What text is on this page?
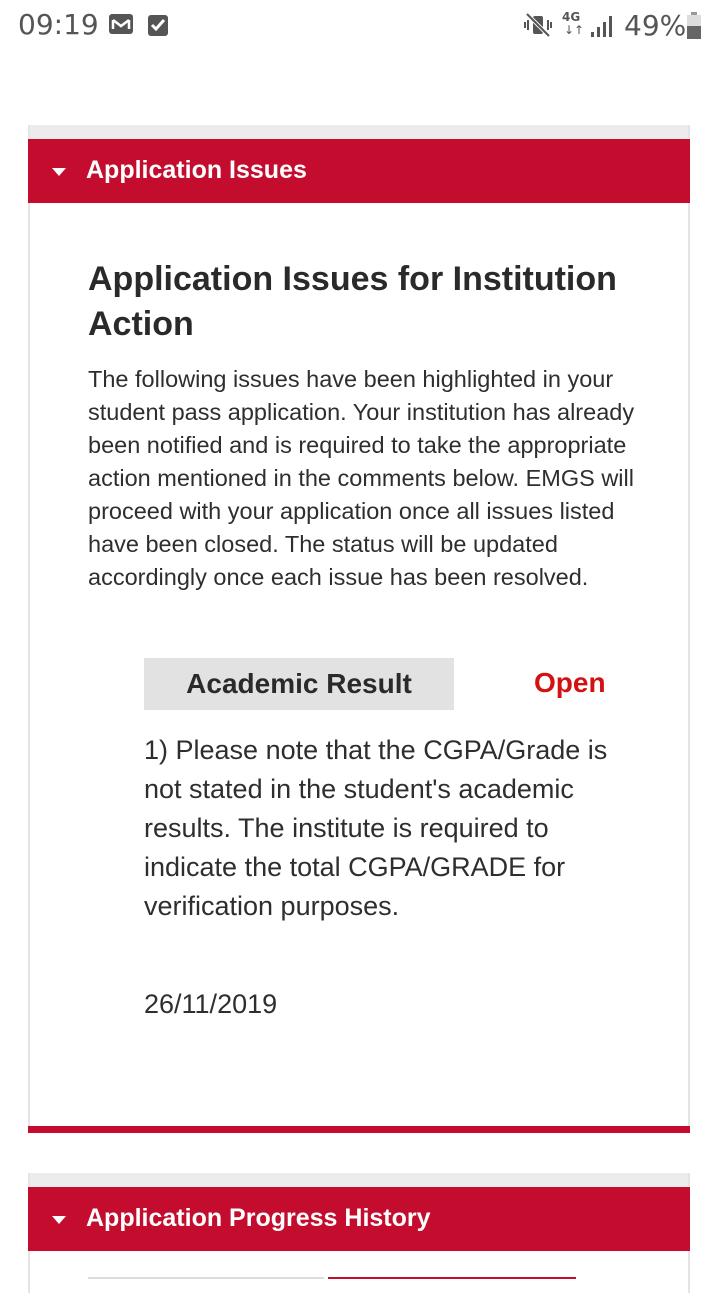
09:19	4G
↓↑ 49%
Application Issues
Application Issues for Institution Action

The following issues have been highlighted in your student pass application. Your institution has already been notified and is required to take the appropriate action mentioned in the comments below. EMGS will proceed with your application once all issues listed have been closed. The status will be updated accordingly once each issue has been resolved.

Academic Result	Open

1) Please note that the CGPA/Grade is not stated in the student's academic results. The institute is required to indicate the total CGPA/GRADE for verification purposes.

26/11/2019
Application Progress History
